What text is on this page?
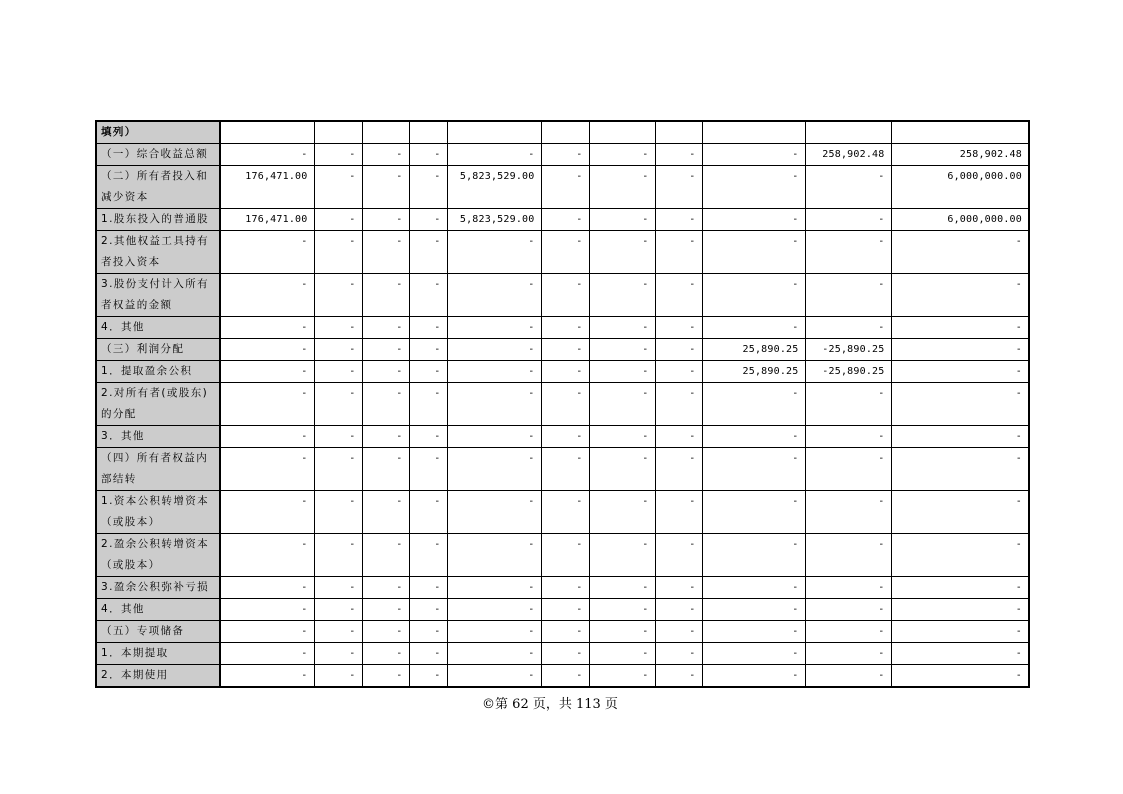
填列）											
（一）综合收益总额	-	-	-	-	-	-	-	-	-	258,902.48	258,902.48
（二）所有者投入和减少资本	176,471.00	-	-	-	5,823,529.00	-	-	-	-	-	6,000,000.00
1.股东投入的普通股	176,471.00	-	-	-	5,823,529.00	-	-	-	-	-	6,000,000.00
2.其他权益工具持有者投入资本	-	-	-	-	-	-	-	-	-	-	-
3.股份支付计入所有者权益的金额	-	-	-	-	-	-	-	-	-	-	-
4．其他	-	-	-	-	-	-	-	-	-	-	-
（三）利润分配	-	-	-	-	-	-	-	-	25,890.25	-25,890.25	-
1．提取盈余公积	-	-	-	-	-	-	-	-	25,890.25	-25,890.25	-
2.对所有者(或股东)的分配	-	-	-	-	-	-	-	-	-	-	-
3．其他	-	-	-	-	-	-	-	-	-	-	-
（四）所有者权益内部结转	-	-	-	-	-	-	-	-	-	-	-
1.资本公积转增资本（或股本）	-	-	-	-	-	-	-	-	-	-	-
2.盈余公积转增资本（或股本）	-	-	-	-	-	-	-	-	-	-	-
3.盈余公积弥补亏损	-	-	-	-	-	-	-	-	-	-	-
4．其他	-	-	-	-	-	-	-	-	-	-	-
（五）专项储备	-	-	-	-	-	-	-	-	-	-	-
1．本期提取	-	-	-	-	-	-	-	-	-	-	-
2．本期使用	-	-	-	-	-	-	-	-	-	-	-
©第 62 页，共 113 页
